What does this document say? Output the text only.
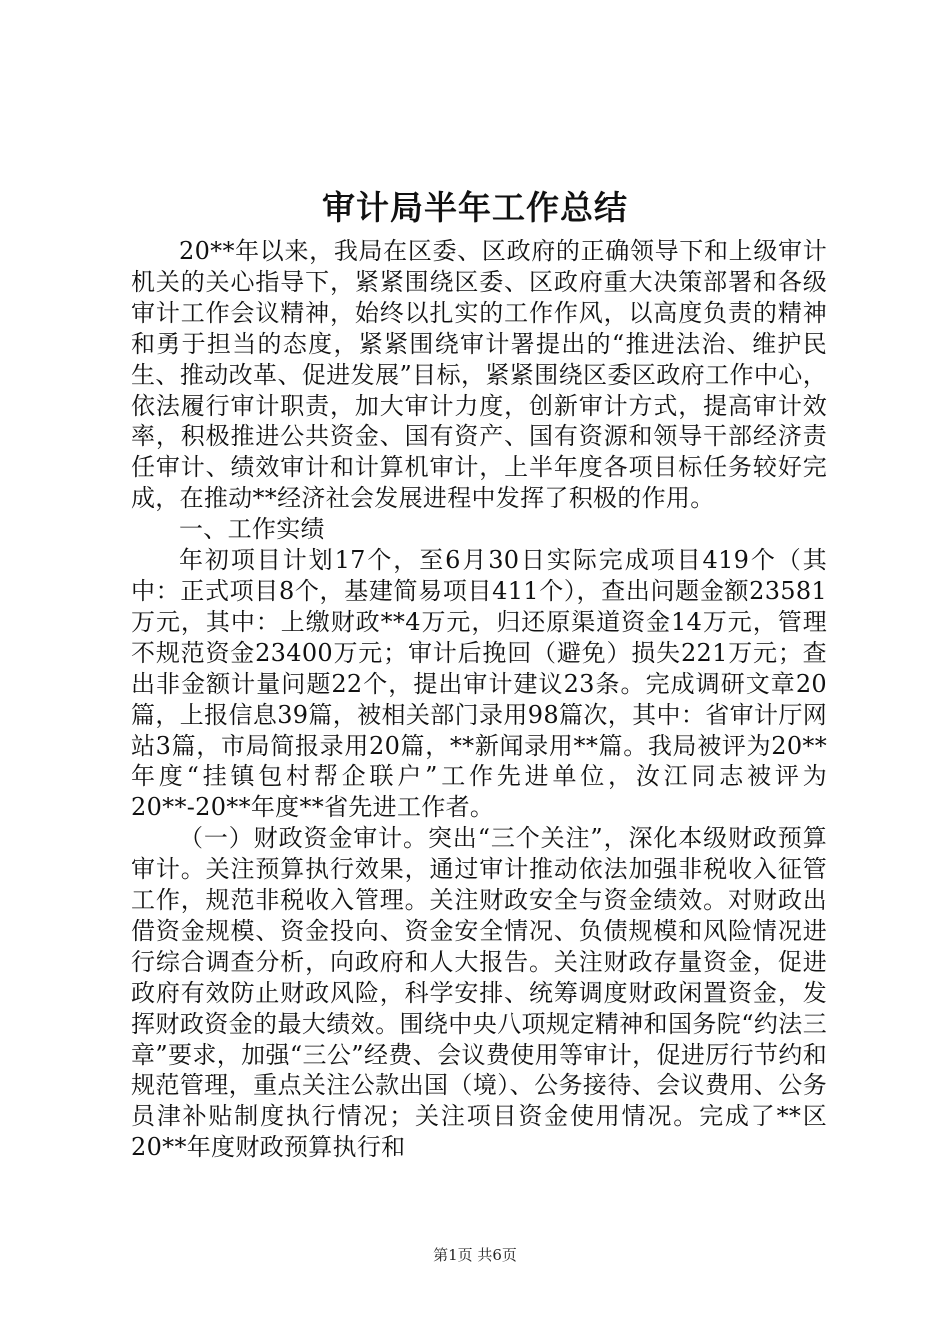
审计局半年工作总结

20**年以来，我局在区委、区政府的正确领导下和上级审计机关的关心指导下，紧紧围绕区委、区政府重大决策部署和各级审计工作会议精神，始终以扎实的工作作风，以高度负责的精神和勇于担当的态度，紧紧围绕审计署提出的“推进法治、维护民生、推动改革、促进发展”目标，紧紧围绕区委区政府工作中心，依法履行审计职责，加大审计力度，创新审计方式，提高审计效率，积极推进公共资金、国有资产、国有资源和领导干部经济责任审计、绩效审计和计算机审计，上半年度各项目标任务较好完成，在推动**经济社会发展进程中发挥了积极的作用。

一、工作实绩

年初项目计划17个，至6月30日实际完成项目419个（其中：正式项目8个，基建简易项目411个），查出问题金额23581万元，其中：上缴财政**4万元，归还原渠道资金14万元，管理不规范资金23400万元；审计后挽回（避免）损失221万元；查出非金额计量问题22个，提出审计建议23条。完成调研文章20篇，上报信息39篇，被相关部门录用98篇次，其中：省审计厅网站3篇，市局简报录用20篇，**新闻录用**篇。我局被评为20**年度“挂镇包村帮企联户”工作先进单位，汝江同志被评为20**-20**年度**省先进工作者。

（一）财政资金审计。突出“三个关注”，深化本级财政预算审计。关注预算执行效果，通过审计推动依法加强非税收入征管工作，规范非税收入管理。关注财政安全与资金绩效。对财政出借资金规模、资金投向、资金安全情况、负债规模和风险情况进行综合调查分析，向政府和人大报告。关注财政存量资金，促进政府有效防止财政风险，科学安排、统筹调度财政闲置资金，发挥财政资金的最大绩效。围绕中央八项规定精神和国务院“约法三章”要求，加强“三公”经费、会议费使用等审计，促进厉行节约和规范管理，重点关注公款出国（境）、公务接待、会议费用、公务员津补贴制度执行情况；关注项目资金使用情况。完成了**区20**年度财政预算执行和

第1页 共6页
